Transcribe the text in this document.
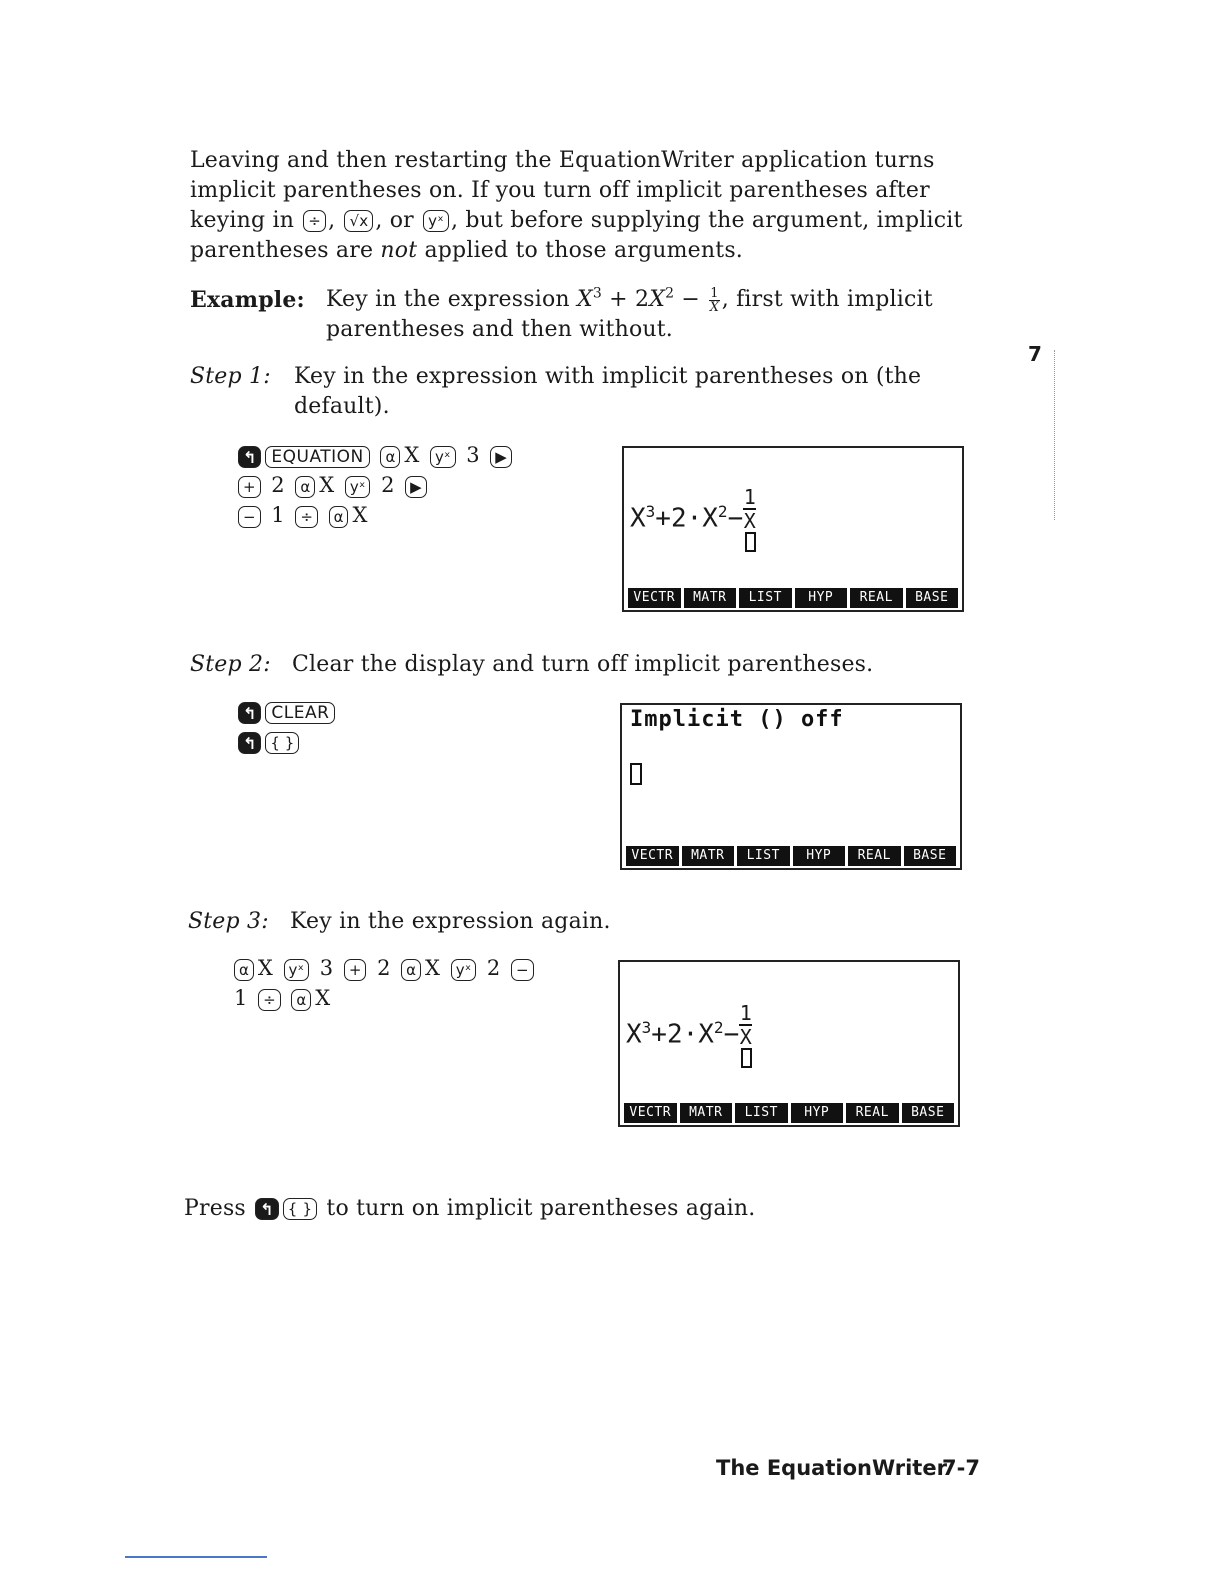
Leaving and then restarting the EquationWriter application turns

implicit parentheses on. If you turn off implicit parentheses after

keying in ÷ , √x , or yˣ , but before supplying the argument, implicit

parentheses are not applied to those arguments.

Example: Key in the expression $X^3 + 2X^2 - \frac{1}{X}$ , first with implicit
parentheses and then without.
7
Step 1: Key in the expression with implicit parentheses on (the
default).
↰ EQUATION α X yˣ 3 ▶
+ 2 α X yˣ 2 ▶
− 1 ÷ α X	$X^3+2\cdot X^2- \frac{1}{X}$
VECTR	MATR	LIST	HYP	REAL	BASE
Step 2: Clear the display and turn off implicit parentheses.
↰ CLEAR
↰ { }
Implicit () off
VECTR	MATR	LIST	HYP	REAL	BASE
Step 3: Key in the expression again.
α X yˣ 3 + 2 α X yˣ 2 −
1 ÷ α X
$X^3+2\cdot X^2- \frac{1}{X}$
VECTR	MATR	LIST	HYP	REAL	BASE
Press ↰ { } to turn on implicit parentheses again.
The EquationWriter
7-7
